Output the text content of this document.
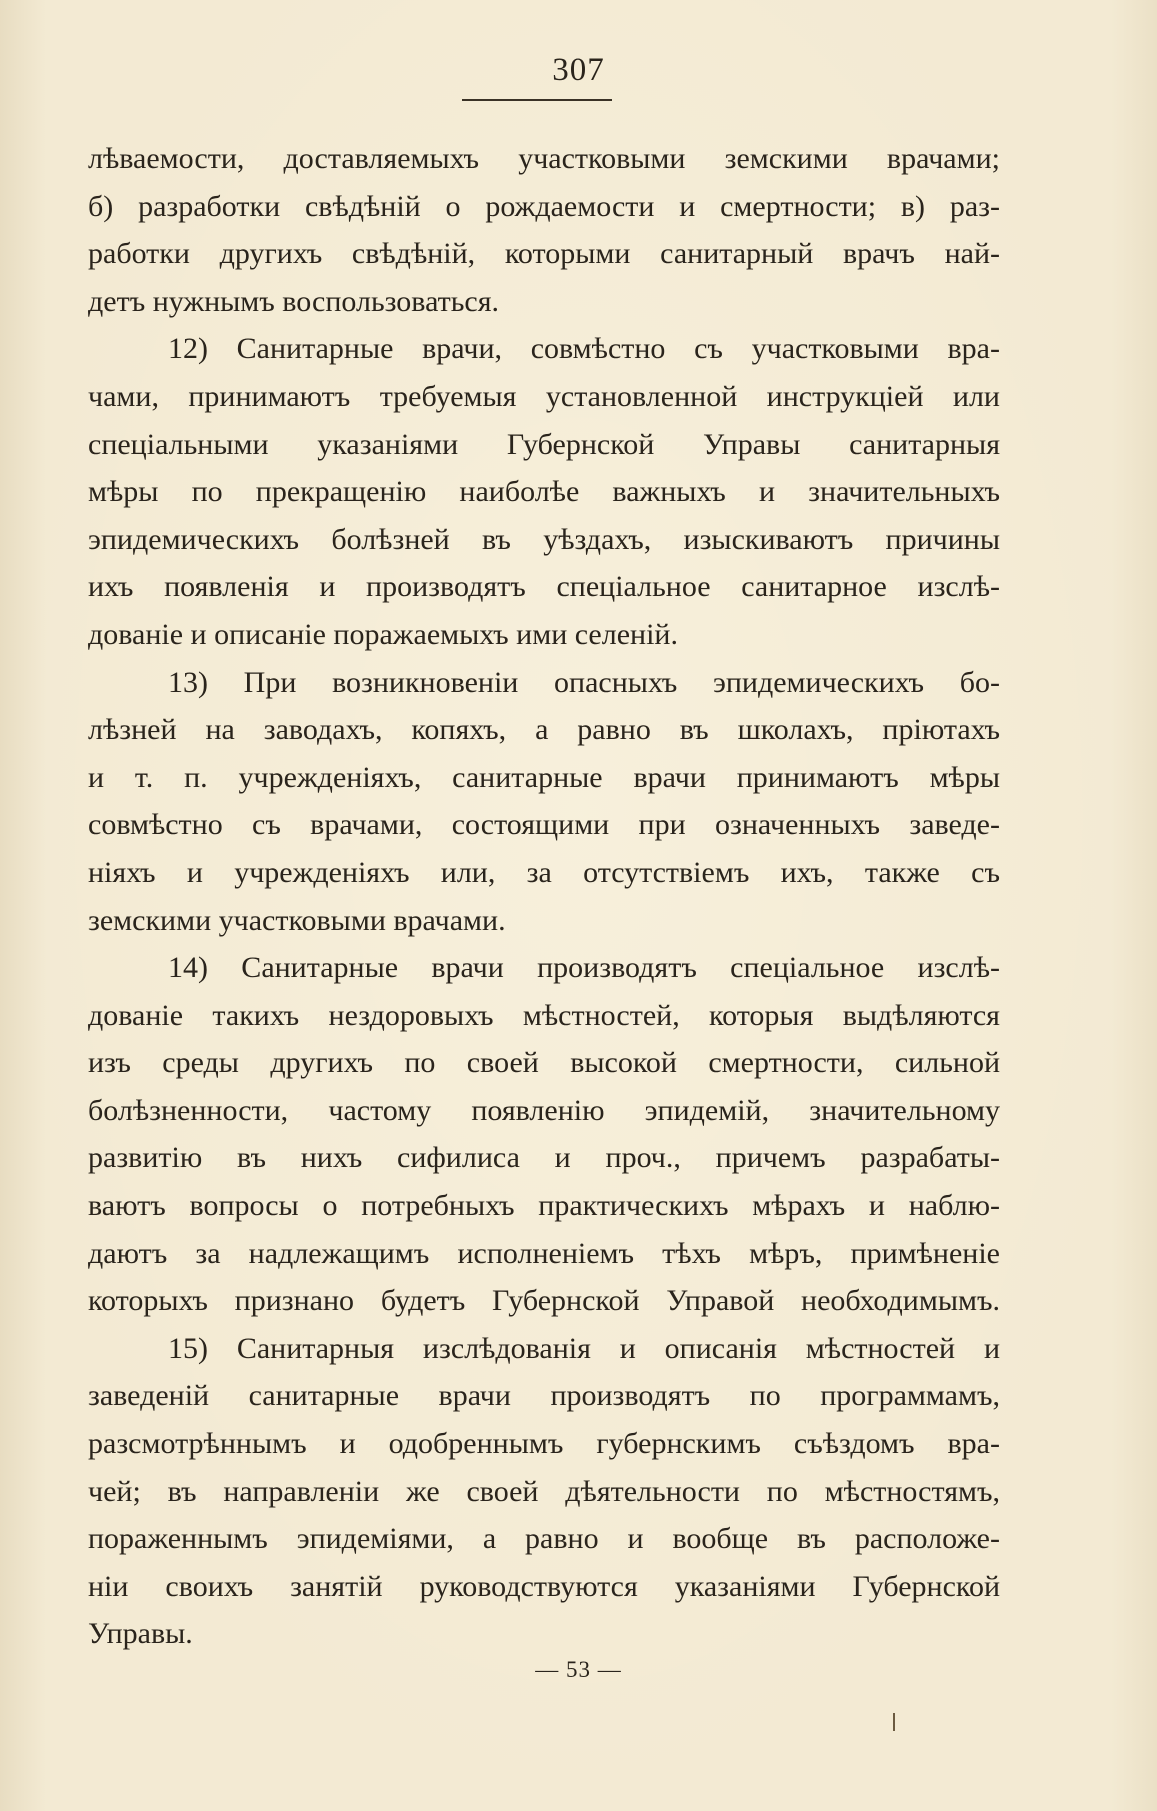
307
лѣваемости, доставляемыхъ участковыми земскими врачами;
б) разработки свѣдѣній о рождаемости и смертности; в) раз-
работки другихъ свѣдѣній, которыми санитарный врачъ най-
детъ нужнымъ воспользоваться.
12) Санитарные врачи, совмѣстно съ участковыми вра-
чами, принимаютъ требуемыя установленной инструкціей или
спеціальными указаніями Губернской Управы санитарныя
мѣры по прекращенію наиболѣе важныхъ и значительныхъ
эпидемическихъ болѣзней въ уѣздахъ, изыскиваютъ причины
ихъ появленія и производятъ спеціальное санитарное изслѣ-
дованіе и описаніе поражаемыхъ ими селеній.
13) При возникновеніи опасныхъ эпидемическихъ бо-
лѣзней на заводахъ, копяхъ, а равно въ школахъ, пріютахъ
и т. п. учрежденіяхъ, санитарные врачи принимаютъ мѣры
совмѣстно съ врачами, состоящими при означенныхъ заведе-
ніяхъ и учрежденіяхъ или, за отсутствіемъ ихъ, также съ
земскими участковыми врачами.
14) Санитарные врачи производятъ спеціальное изслѣ-
дованіе такихъ нездоровыхъ мѣстностей, которыя выдѣляются
изъ среды другихъ по своей высокой смертности, сильной
болѣзненности, частому появленію эпидемій, значительному
развитію въ нихъ сифилиса и проч., причемъ разрабаты-
ваютъ вопросы о потребныхъ практическихъ мѣрахъ и наблю-
даютъ за надлежащимъ исполненіемъ тѣхъ мѣръ, примѣненіе
которыхъ признано будетъ Губернской Управой необходимымъ.
15) Санитарныя изслѣдованія и описанія мѣстностей и
заведеній санитарные врачи производятъ по программамъ,
разсмотрѣннымъ и одобреннымъ губернскимъ съѣздомъ вра-
чей; въ направленіи же своей дѣятельности по мѣстностямъ,
пораженнымъ эпидеміями, а равно и вообще въ расположе-
ніи своихъ занятій руководствуются указаніями Губернской
Управы.
— 53 —
